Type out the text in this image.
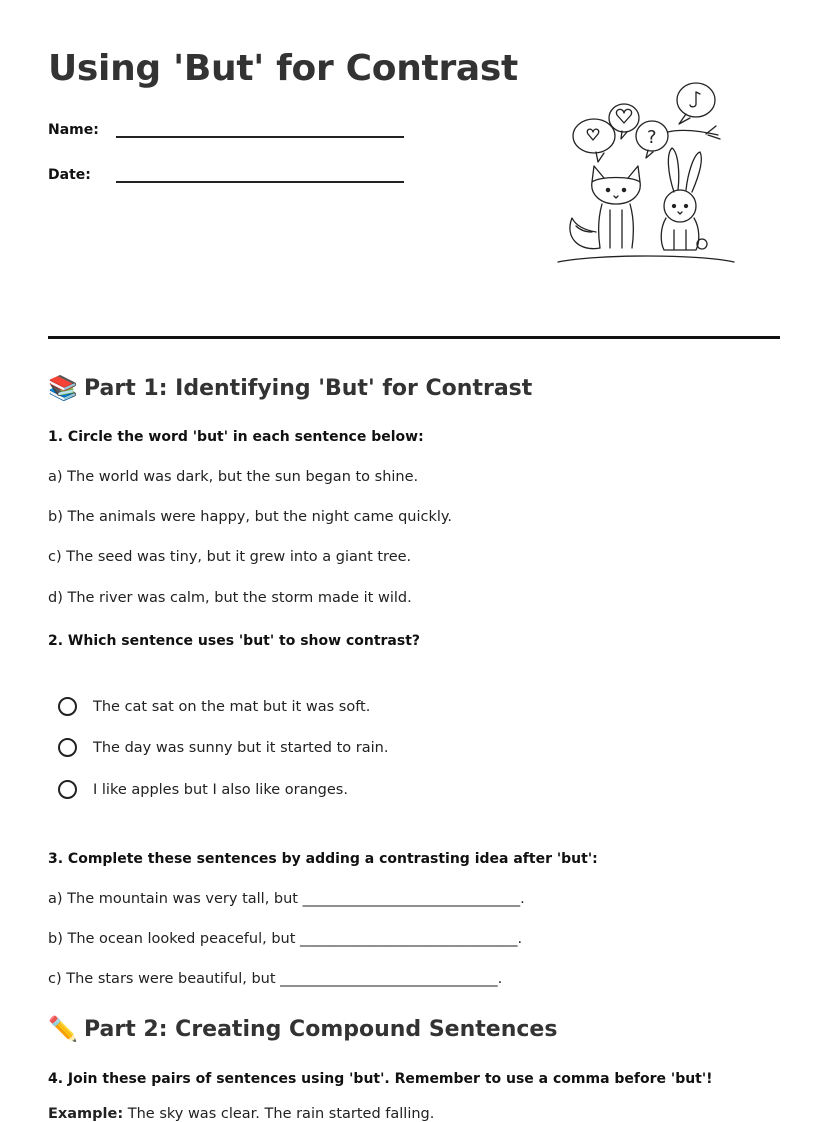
Using 'But' for Contrast
Name:
Date:
?
📚 Part 1: Identifying 'But' for Contrast
1. Circle the word 'but' in each sentence below:
a) The world was dark, but the sun began to shine.
b) The animals were happy, but the night came quickly.
c) The seed was tiny, but it grew into a giant tree.
d) The river was calm, but the storm made it wild.
2. Which sentence uses 'but' to show contrast?
The cat sat on the mat but it was soft.
The day was sunny but it started to rain.
I like apples but I also like oranges.
3. Complete these sentences by adding a contrasting idea after 'but':
a) The mountain was very tall, but ______________________________.
b) The ocean looked peaceful, but ______________________________.
c) The stars were beautiful, but ______________________________.
✏️ Part 2: Creating Compound Sentences
4. Join these pairs of sentences using 'but'. Remember to use a comma before 'but'!
Example: The sky was clear. The rain started falling.
